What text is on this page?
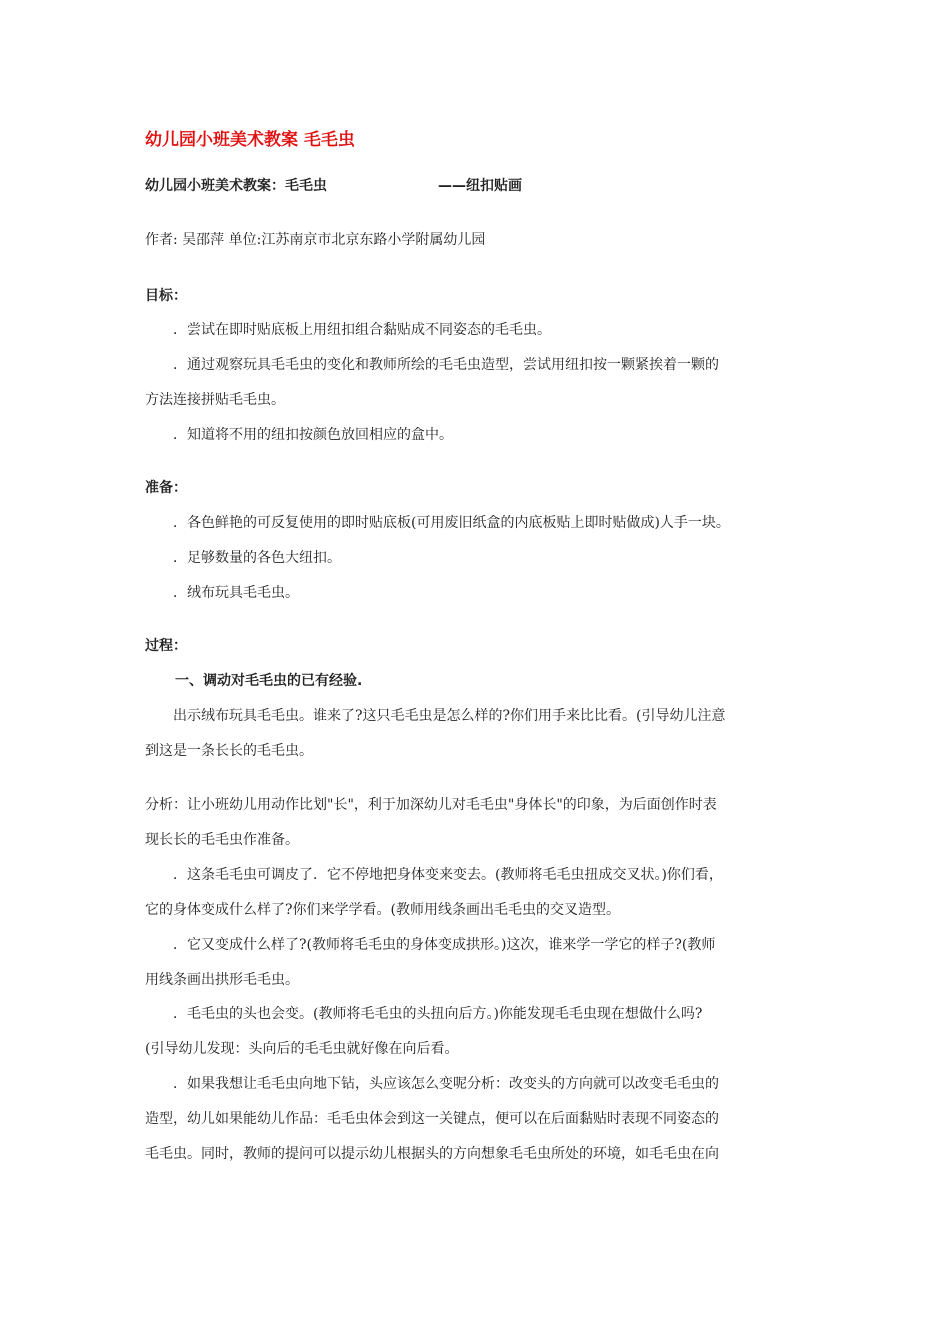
幼儿园小班美术教案 毛毛虫
幼儿园小班美术教案：毛毛虫	——纽扣贴画
作者: 吴邵萍 单位:江苏南京市北京东路小学附属幼儿园
目标：
．尝试在即时贴底板上用纽扣组合黏贴成不同姿态的毛毛虫。
．通过观察玩具毛毛虫的变化和教师所绘的毛毛虫造型，尝试用纽扣按一颗紧挨着一颗的
方法连接拼贴毛毛虫。
．知道将不用的纽扣按颜色放回相应的盒中。
准备：
．各色鲜艳的可反复使用的即时贴底板(可用废旧纸盒的内底板贴上即时贴做成)人手一块。
．足够数量的各色大纽扣。
．绒布玩具毛毛虫。
过程：
一、调动对毛毛虫的已有经验.
出示绒布玩具毛毛虫。谁来了?这只毛毛虫是怎么样的?你们用手来比比看。(引导幼儿注意
到这是一条长长的毛毛虫。
分析：让小班幼儿用动作比划"长"，利于加深幼儿对毛毛虫"身体长"的印象，为后面创作时表
现长长的毛毛虫作准备。
．这条毛毛虫可调皮了．它不停地把身体变来变去。(教师将毛毛虫扭成交叉状。)你们看，
它的身体变成什么样了?你们来学学看。(教师用线条画出毛毛虫的交叉造型。
．它又变成什么样了?(教师将毛毛虫的身体变成拱形。)这次，谁来学一学它的样子?(教师
用线条画出拱形毛毛虫。
．毛毛虫的头也会变。(教师将毛毛虫的头扭向后方。)你能发现毛毛虫现在想做什么吗?
(引导幼儿发现：头向后的毛毛虫就好像在向后看。
．如果我想让毛毛虫向地下钻，头应该怎么变呢分析：改变头的方向就可以改变毛毛虫的
造型，幼儿如果能幼儿作品：毛毛虫体会到这一关键点，便可以在后面黏贴时表现不同姿态的
毛毛虫。同时，教师的提问可以提示幼儿根据头的方向想象毛毛虫所处的环境，如毛毛虫在向
